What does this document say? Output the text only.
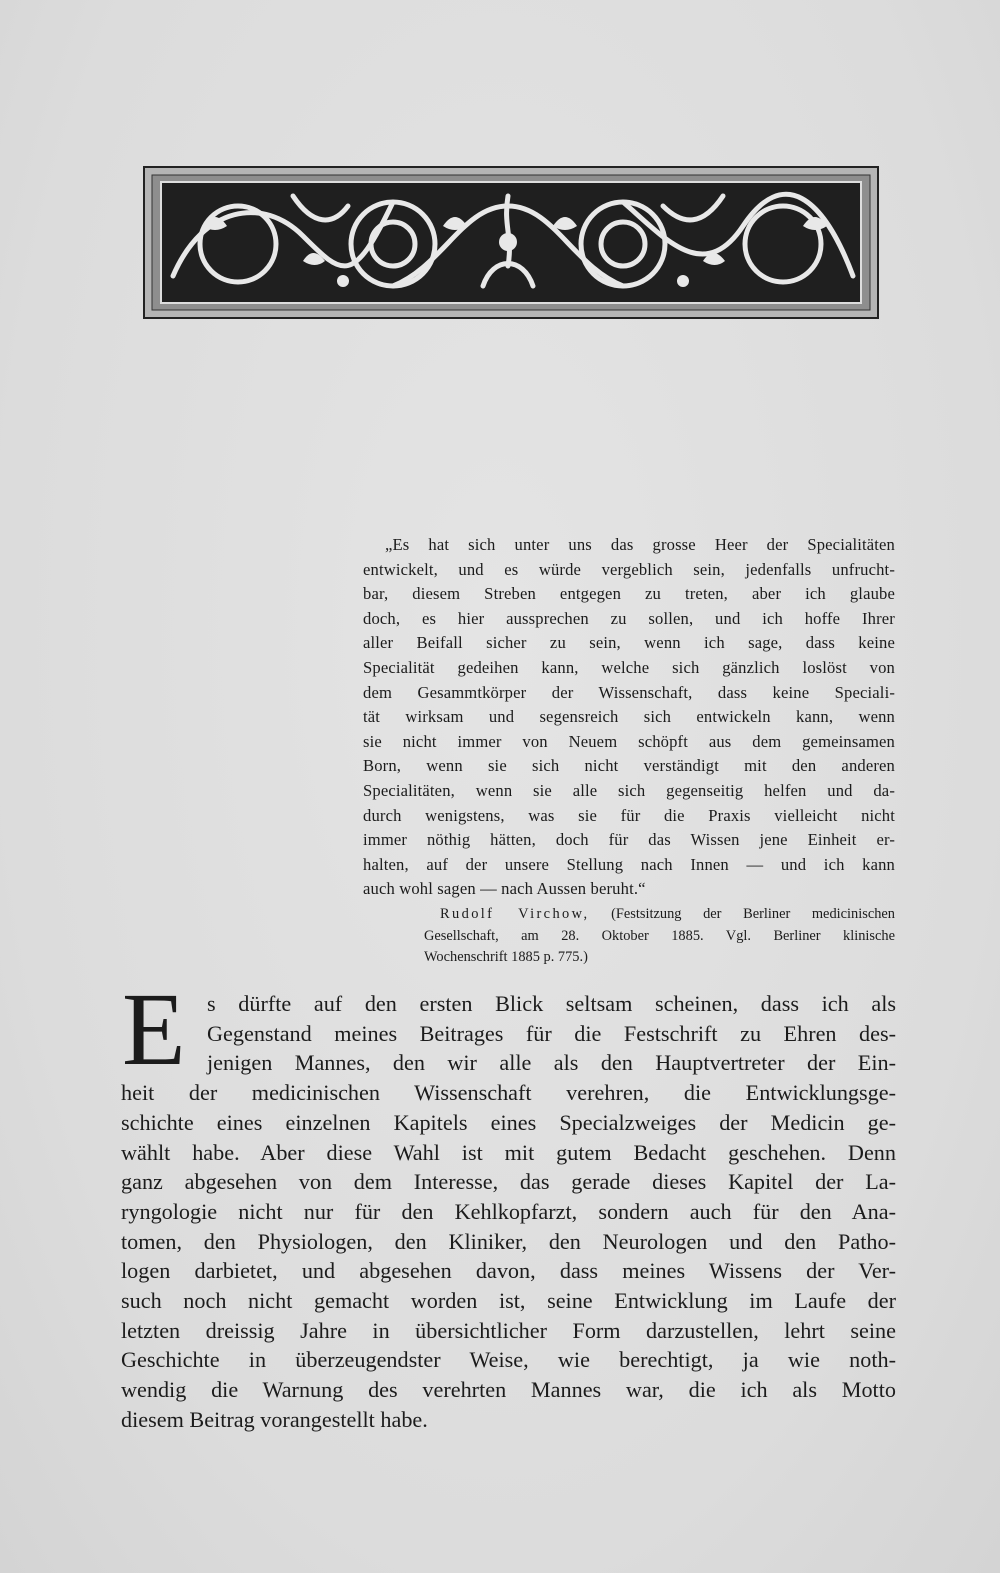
„Es hat sich unter uns das grosse Heer der Specialitäten
entwickelt, und es würde vergeblich sein, jedenfalls unfrucht-
bar, diesem Streben entgegen zu treten, aber ich glaube
doch, es hier aussprechen zu sollen, und ich hoffe Ihrer
aller Beifall sicher zu sein, wenn ich sage, dass keine
Specialität gedeihen kann, welche sich gänzlich loslöst von
dem Gesammtkörper der Wissenschaft, dass keine Speciali-
tät wirksam und segensreich sich entwickeln kann, wenn
sie nicht immer von Neuem schöpft aus dem gemeinsamen
Born, wenn sie sich nicht verständigt mit den anderen
Specialitäten, wenn sie alle sich gegenseitig helfen und da-
durch wenigstens, was sie für die Praxis vielleicht nicht
immer nöthig hätten, doch für das Wissen jene Einheit er-
halten, auf der unsere Stellung nach Innen — und ich kann
auch wohl sagen — nach Aussen beruht.“
Rudolf Virchow, (Festsitzung der Berliner medicinischen
Gesellschaft, am 28. Oktober 1885. Vgl. Berliner klinische
Wochenschrift 1885 p. 775.)
E s dürfte auf den ersten Blick seltsam scheinen, dass ich als
Gegenstand meines Beitrages für die Festschrift zu Ehren des-
jenigen Mannes, den wir alle als den Hauptvertreter der Ein-
heit der medicinischen Wissenschaft verehren, die Entwicklungsge-
schichte eines einzelnen Kapitels eines Specialzweiges der Medicin ge-
wählt habe. Aber diese Wahl ist mit gutem Bedacht geschehen. Denn
ganz abgesehen von dem Interesse, das gerade dieses Kapitel der La-
ryngologie nicht nur für den Kehlkopfarzt, sondern auch für den Ana-
tomen, den Physiologen, den Kliniker, den Neurologen und den Patho-
logen darbietet, und abgesehen davon, dass meines Wissens der Ver-
such noch nicht gemacht worden ist, seine Entwicklung im Laufe der
letzten dreissig Jahre in übersichtlicher Form darzustellen, lehrt seine
Geschichte in überzeugendster Weise, wie berechtigt, ja wie noth-
wendig die Warnung des verehrten Mannes war, die ich als Motto
diesem Beitrag vorangestellt habe.
